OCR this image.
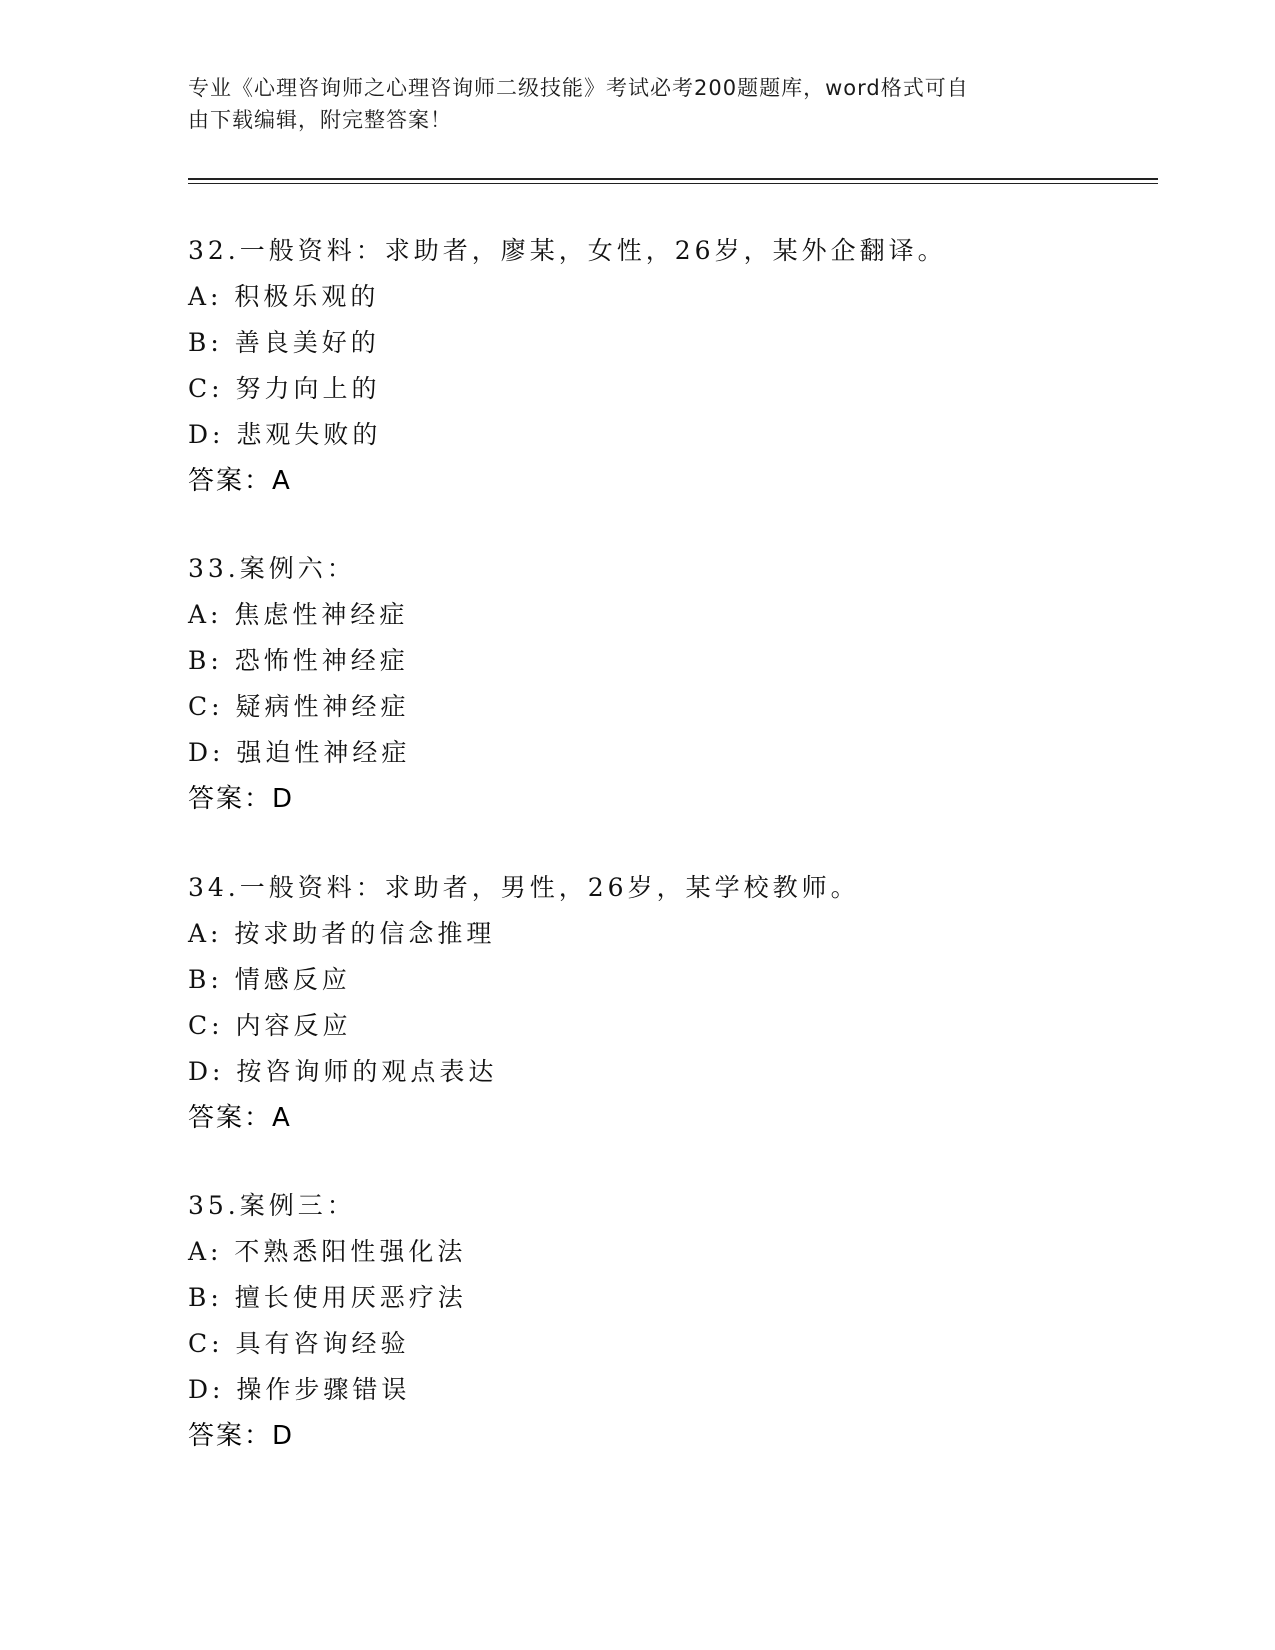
专业《心理咨询师之心理咨询师二级技能》考试必考200题题库，word格式可自
由下载编辑，附完整答案！
32.一般资料：求助者，廖某，女性，26岁，某外企翻译。
A: 积极乐观的
B: 善良美好的
C: 努力向上的
D: 悲观失败的
答案：A
33.案例六：
A: 焦虑性神经症
B: 恐怖性神经症
C: 疑病性神经症
D: 强迫性神经症
答案：D
34.一般资料：求助者，男性，26岁，某学校教师。
A: 按求助者的信念推理
B: 情感反应
C: 内容反应
D: 按咨询师的观点表达
答案：A
35.案例三：
A: 不熟悉阳性强化法
B: 擅长使用厌恶疗法
C: 具有咨询经验
D: 操作步骤错误
答案：D
